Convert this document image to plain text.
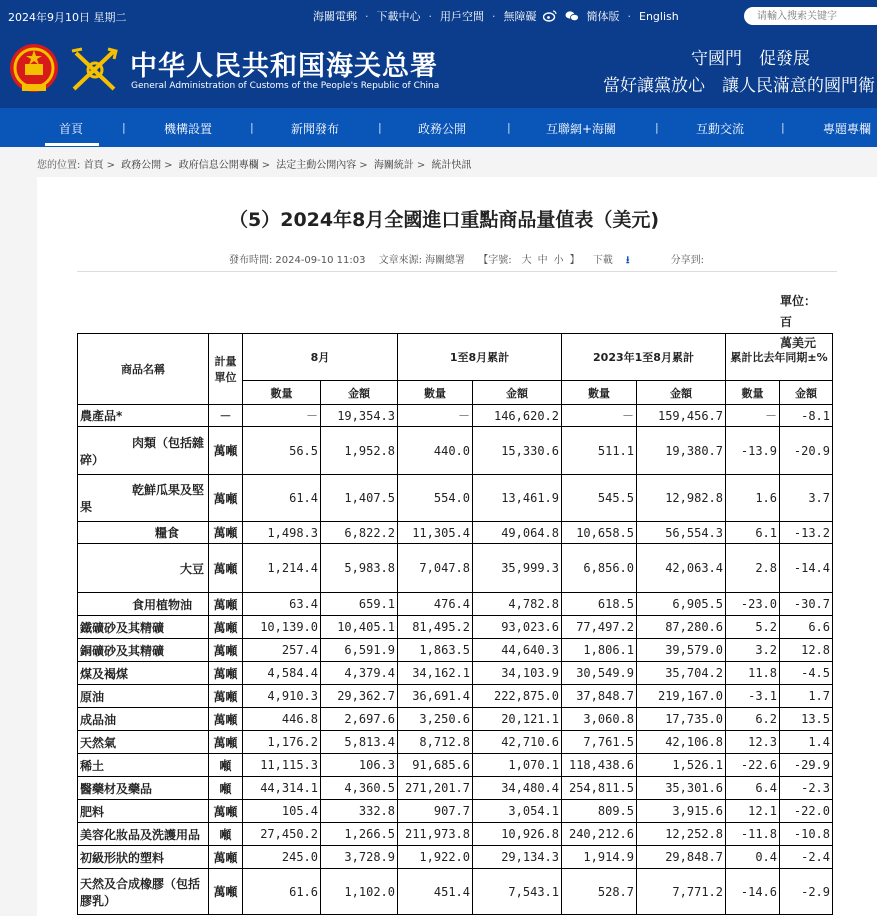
2024年9月10日 星期二	海關電郵 · 下載中心 · 用戶空間 · 無障礙	簡体版 · English
请輸入搜索关键字
中华人民共和国海关总署
General Administration of Customs of the People's Republic of China
守國門　促發展
當好讓黨放心　讓人民滿意的國門衛
首頁	|	機構設置	|	新聞發布	|	政務公開	|	互聯網+海關	|	互動交流	|	專題專欄
您的位置: 首頁 > 政務公開 > 政府信息公開專欄 > 法定主動公開內容 > 海關統計 > 統計快訊
（5）2024年8月全國進口重點商品量值表（美元)
發布時間: 2024-09-10 11:03 文章來源: 海關總署 【字號: 大 中 小 】 下載 ⭳	分享到:
單位：百
萬美元
商品名稱	計量單位	8月		1至8月累計		2023年1至8月累計		累計比去年同期±%	
		數量	金額	數量	金額	數量	金額	數量	金額
農產品*	－	－	19,354.3	－	146,620.2	－	159,456.7	－	-8.1
肉類（包括雜碎）	萬噸	56.5	1,952.8	440.0	15,330.6	511.1	19,380.7	-13.9	-20.9
乾鮮瓜果及堅果	萬噸	61.4	1,407.5	554.0	13,461.9	545.5	12,982.8	1.6	3.7
糧食	萬噸	1,498.3	6,822.2	11,305.4	49,064.8	10,658.5	56,554.3	6.1	-13.2
大豆	萬噸	1,214.4	5,983.8	7,047.8	35,999.3	6,856.0	42,063.4	2.8	-14.4
食用植物油	萬噸	63.4	659.1	476.4	4,782.8	618.5	6,905.5	-23.0	-30.7
鐵礦砂及其精礦	萬噸	10,139.0	10,405.1	81,495.2	93,023.6	77,497.2	87,280.6	5.2	6.6
銅礦砂及其精礦	萬噸	257.4	6,591.9	1,863.5	44,640.3	1,806.1	39,579.0	3.2	12.8
煤及褐煤	萬噸	4,584.4	4,379.4	34,162.1	34,103.9	30,549.9	35,704.2	11.8	-4.5
原油	萬噸	4,910.3	29,362.7	36,691.4	222,875.0	37,848.7	219,167.0	-3.1	1.7
成品油	萬噸	446.8	2,697.6	3,250.6	20,121.1	3,060.8	17,735.0	6.2	13.5
天然氣	萬噸	1,176.2	5,813.4	8,712.8	42,710.6	7,761.5	42,106.8	12.3	1.4
稀土	噸	11,115.3	106.3	91,685.6	1,070.1	118,438.6	1,526.1	-22.6	-29.9
醫藥材及藥品	噸	44,314.1	4,360.5	271,201.7	34,480.4	254,811.5	35,301.6	6.4	-2.3
肥料	萬噸	105.4	332.8	907.7	3,054.1	809.5	3,915.6	12.1	-22.0
美容化妝品及洗護用品	噸	27,450.2	1,266.5	211,973.8	10,926.8	240,212.6	12,252.8	-11.8	-10.8
初級形狀的塑料	萬噸	245.0	3,728.9	1,922.0	29,134.3	1,914.9	29,848.7	0.4	-2.4
天然及合成橡膠（包括膠乳）	萬噸	61.6	1,102.0	451.4	7,543.1	528.7	7,771.2	-14.6	-2.9
